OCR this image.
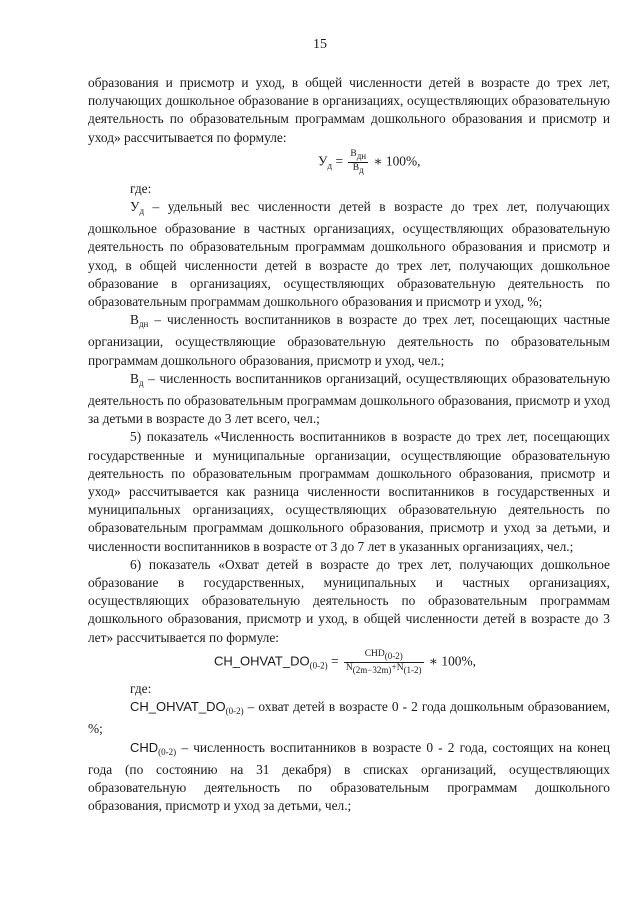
15

образования и присмотр и уход, в общей численности детей в возрасте до трех лет, получающих дошкольное образование в организациях, осуществляющих образовательную деятельность по образовательным программам дошкольного образования и присмотр и уход» рассчитывается по формуле:

$У_д = \frac{\text{Вдн}}{Вд}$ ∗ 100%,

где:

$У_д$ – удельный вес численности детей в возрасте до трех лет, получающих дошкольное образование в частных организациях, осуществляющих образовательную деятельность по образовательным программам дошкольного образования и присмотр и уход, в общей численности детей в возрасте до трех лет, получающих дошкольное образование в организациях, осуществляющих образовательную деятельность по образовательным программам дошкольного образования и присмотр и уход, %;

$В_{дн}$ – численность воспитанников в возрасте до трех лет, посещающих частные организации, осуществляющие образовательную деятельность по образовательным программам дошкольного образования, присмотр и уход, чел.;

$В_д$ – численность воспитанников организаций, осуществляющих образовательную деятельность по образовательным программам дошкольного образования, присмотр и уход за детьми в возрасте до 3 лет всего, чел.;

5) показатель «Численность воспитанников в возрасте до трех лет, посещающих государственные и муниципальные организации, осуществляющие образовательную деятельность по образовательным программам дошкольного образования, присмотр и уход» рассчитывается как разница численности воспитанников в государственных и муниципальных организациях, осуществляющих образовательную деятельность по образовательным программам дошкольного образования, присмотр и уход за детьми, и численности воспитанников в возрасте от 3 до 7 лет в указанных организациях, чел.;

6) показатель «Охват детей в возрасте до трех лет, получающих дошкольное образование в государственных, муниципальных и частных организациях, осуществляющих образовательную деятельность по образовательным программам дошкольного образования, присмотр и уход, в общей численности детей в возрасте до 3 лет» рассчитывается по формуле:

$CH\_OHVAT\_DO_{(0-2)} = \frac{\text{CHD(0-2)}}{N(2m-32m)+N(1-2)}$ ∗ 100%,

где:

$CH\_OHVAT\_DO_{(0-2)}$ – охват детей в возрасте 0 - 2 года дошкольным образованием, %;

$CHD_{(0-2)}$ – численность воспитанников в возрасте 0 - 2 года, состоящих на конец года (по состоянию на 31 декабря) в списках организаций, осуществляющих образовательную деятельность по образовательным программам дошкольного образования, присмотр и уход за детьми, чел.;
